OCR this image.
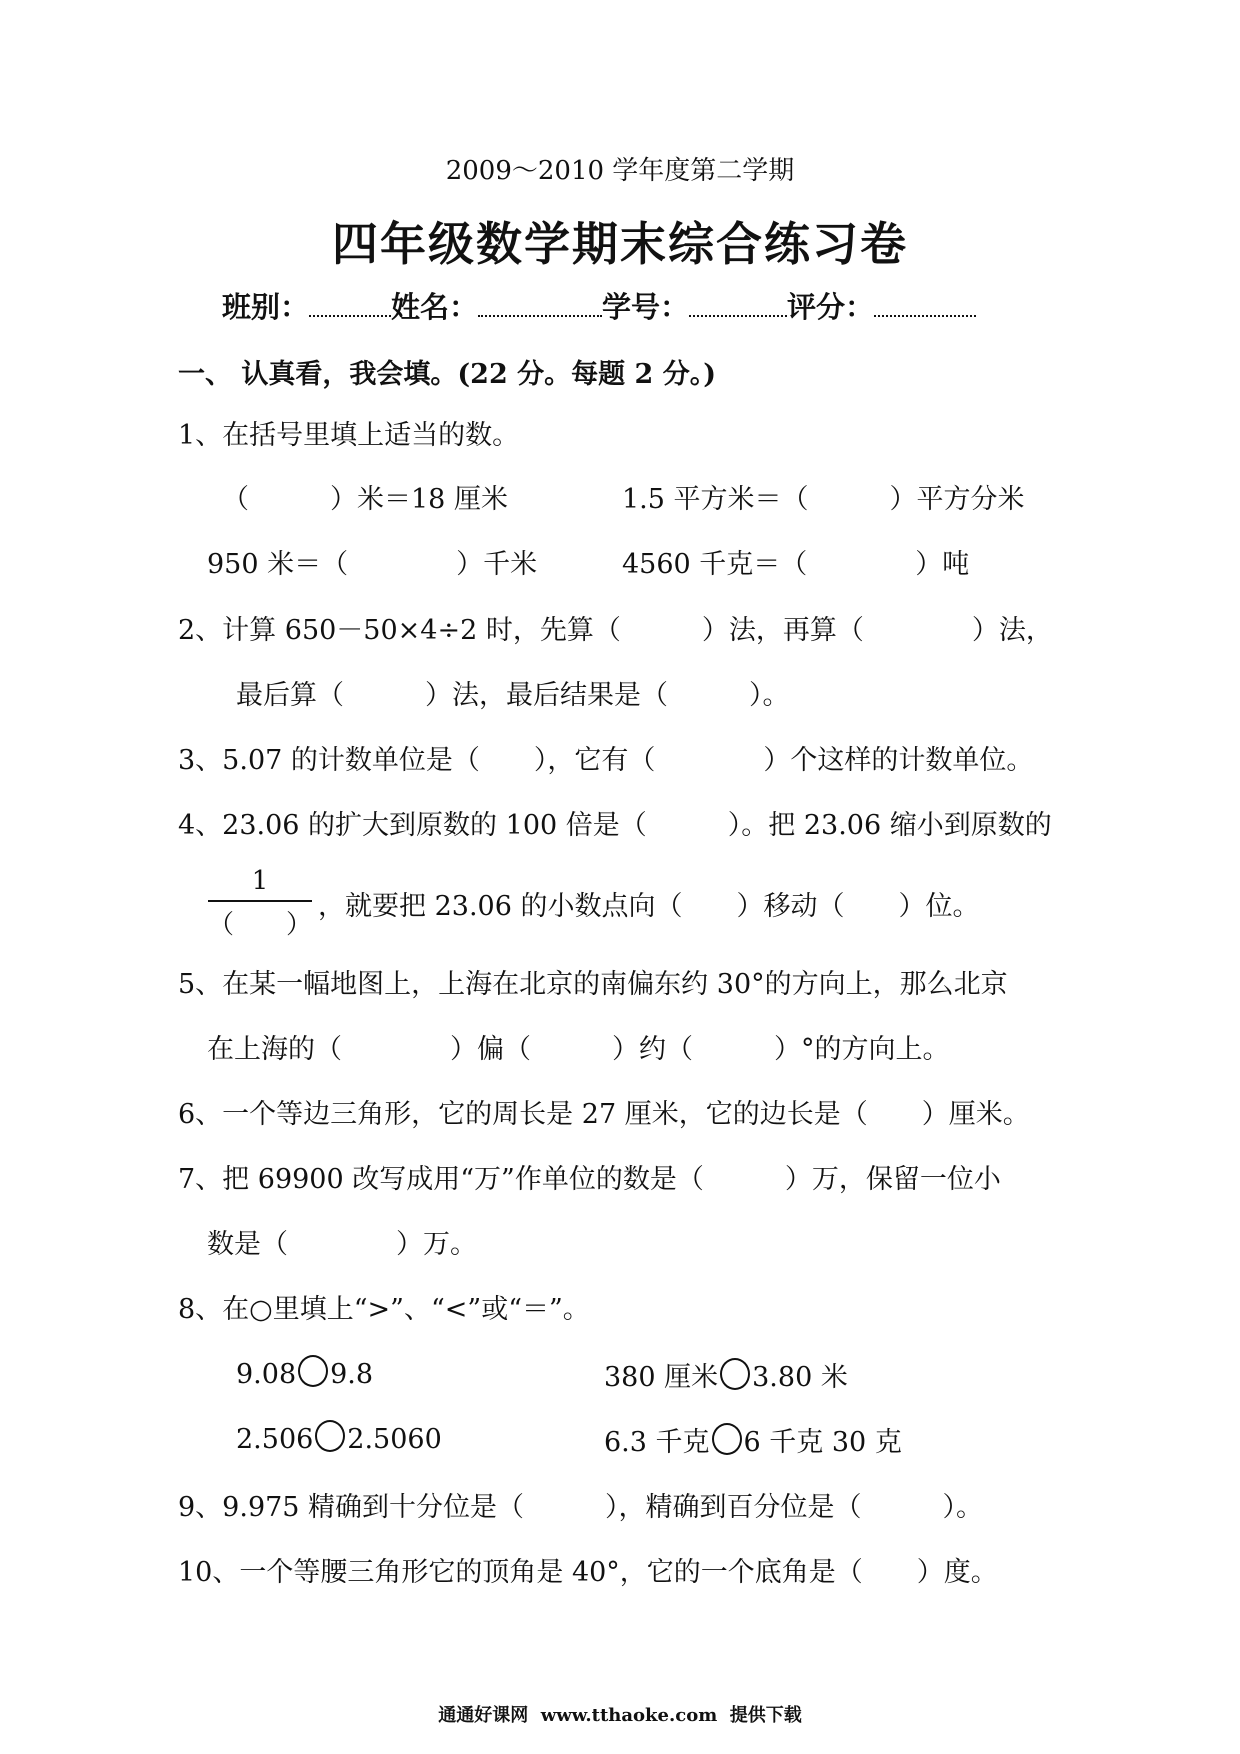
2009～2010 学年度第二学期
四年级数学期末综合练习卷
班别：	姓名：	学号：	评分：
一、 认真看，我会填。(22 分。每题 2 分。)
1、在括号里填上适当的数。
（　　　）米＝18 厘米	1.5 平方米＝（　　　）平方分米
950 米＝（　　　　）千米	4560 千克＝（　　　　）吨
2、计算 650－50×4÷2 时，先算（　　　）法，再算（　　　　）法，
最后算（　　　）法，最后结果是（　　　）。
3、5.07 的计数单位是（　　），它有（　　　　）个这样的计数单位。
4、23.06 的扩大到原数的 100 倍是（　　　）。把 23.06 缩小到原数的
1
（　　）
，就要把 23.06 的小数点向（　　）移动（　　）位。
5、在某一幅地图上，上海在北京的南偏东约 30°的方向上，那么北京
在上海的（　　　　）偏（　　　）约（　　　）°的方向上。
6、一个等边三角形，它的周长是 27 厘米，它的边长是（　　）厘米。
7、把 69900 改写成用“万”作单位的数是（　　　）万，保留一位小
数是（　　　　）万。
8、在○里填上“>”、“<”或“＝”。
9.08 9.8	380 厘米 3.80 米
2.506 2.5060	6.3 千克 6 千克 30 克
9、9.975 精确到十分位是（　　　），精确到百分位是（　　　）。
10、一个等腰三角形它的顶角是 40°，它的一个底角是（　　）度。
通通好课网  www.tthaoke.com  提供下载
